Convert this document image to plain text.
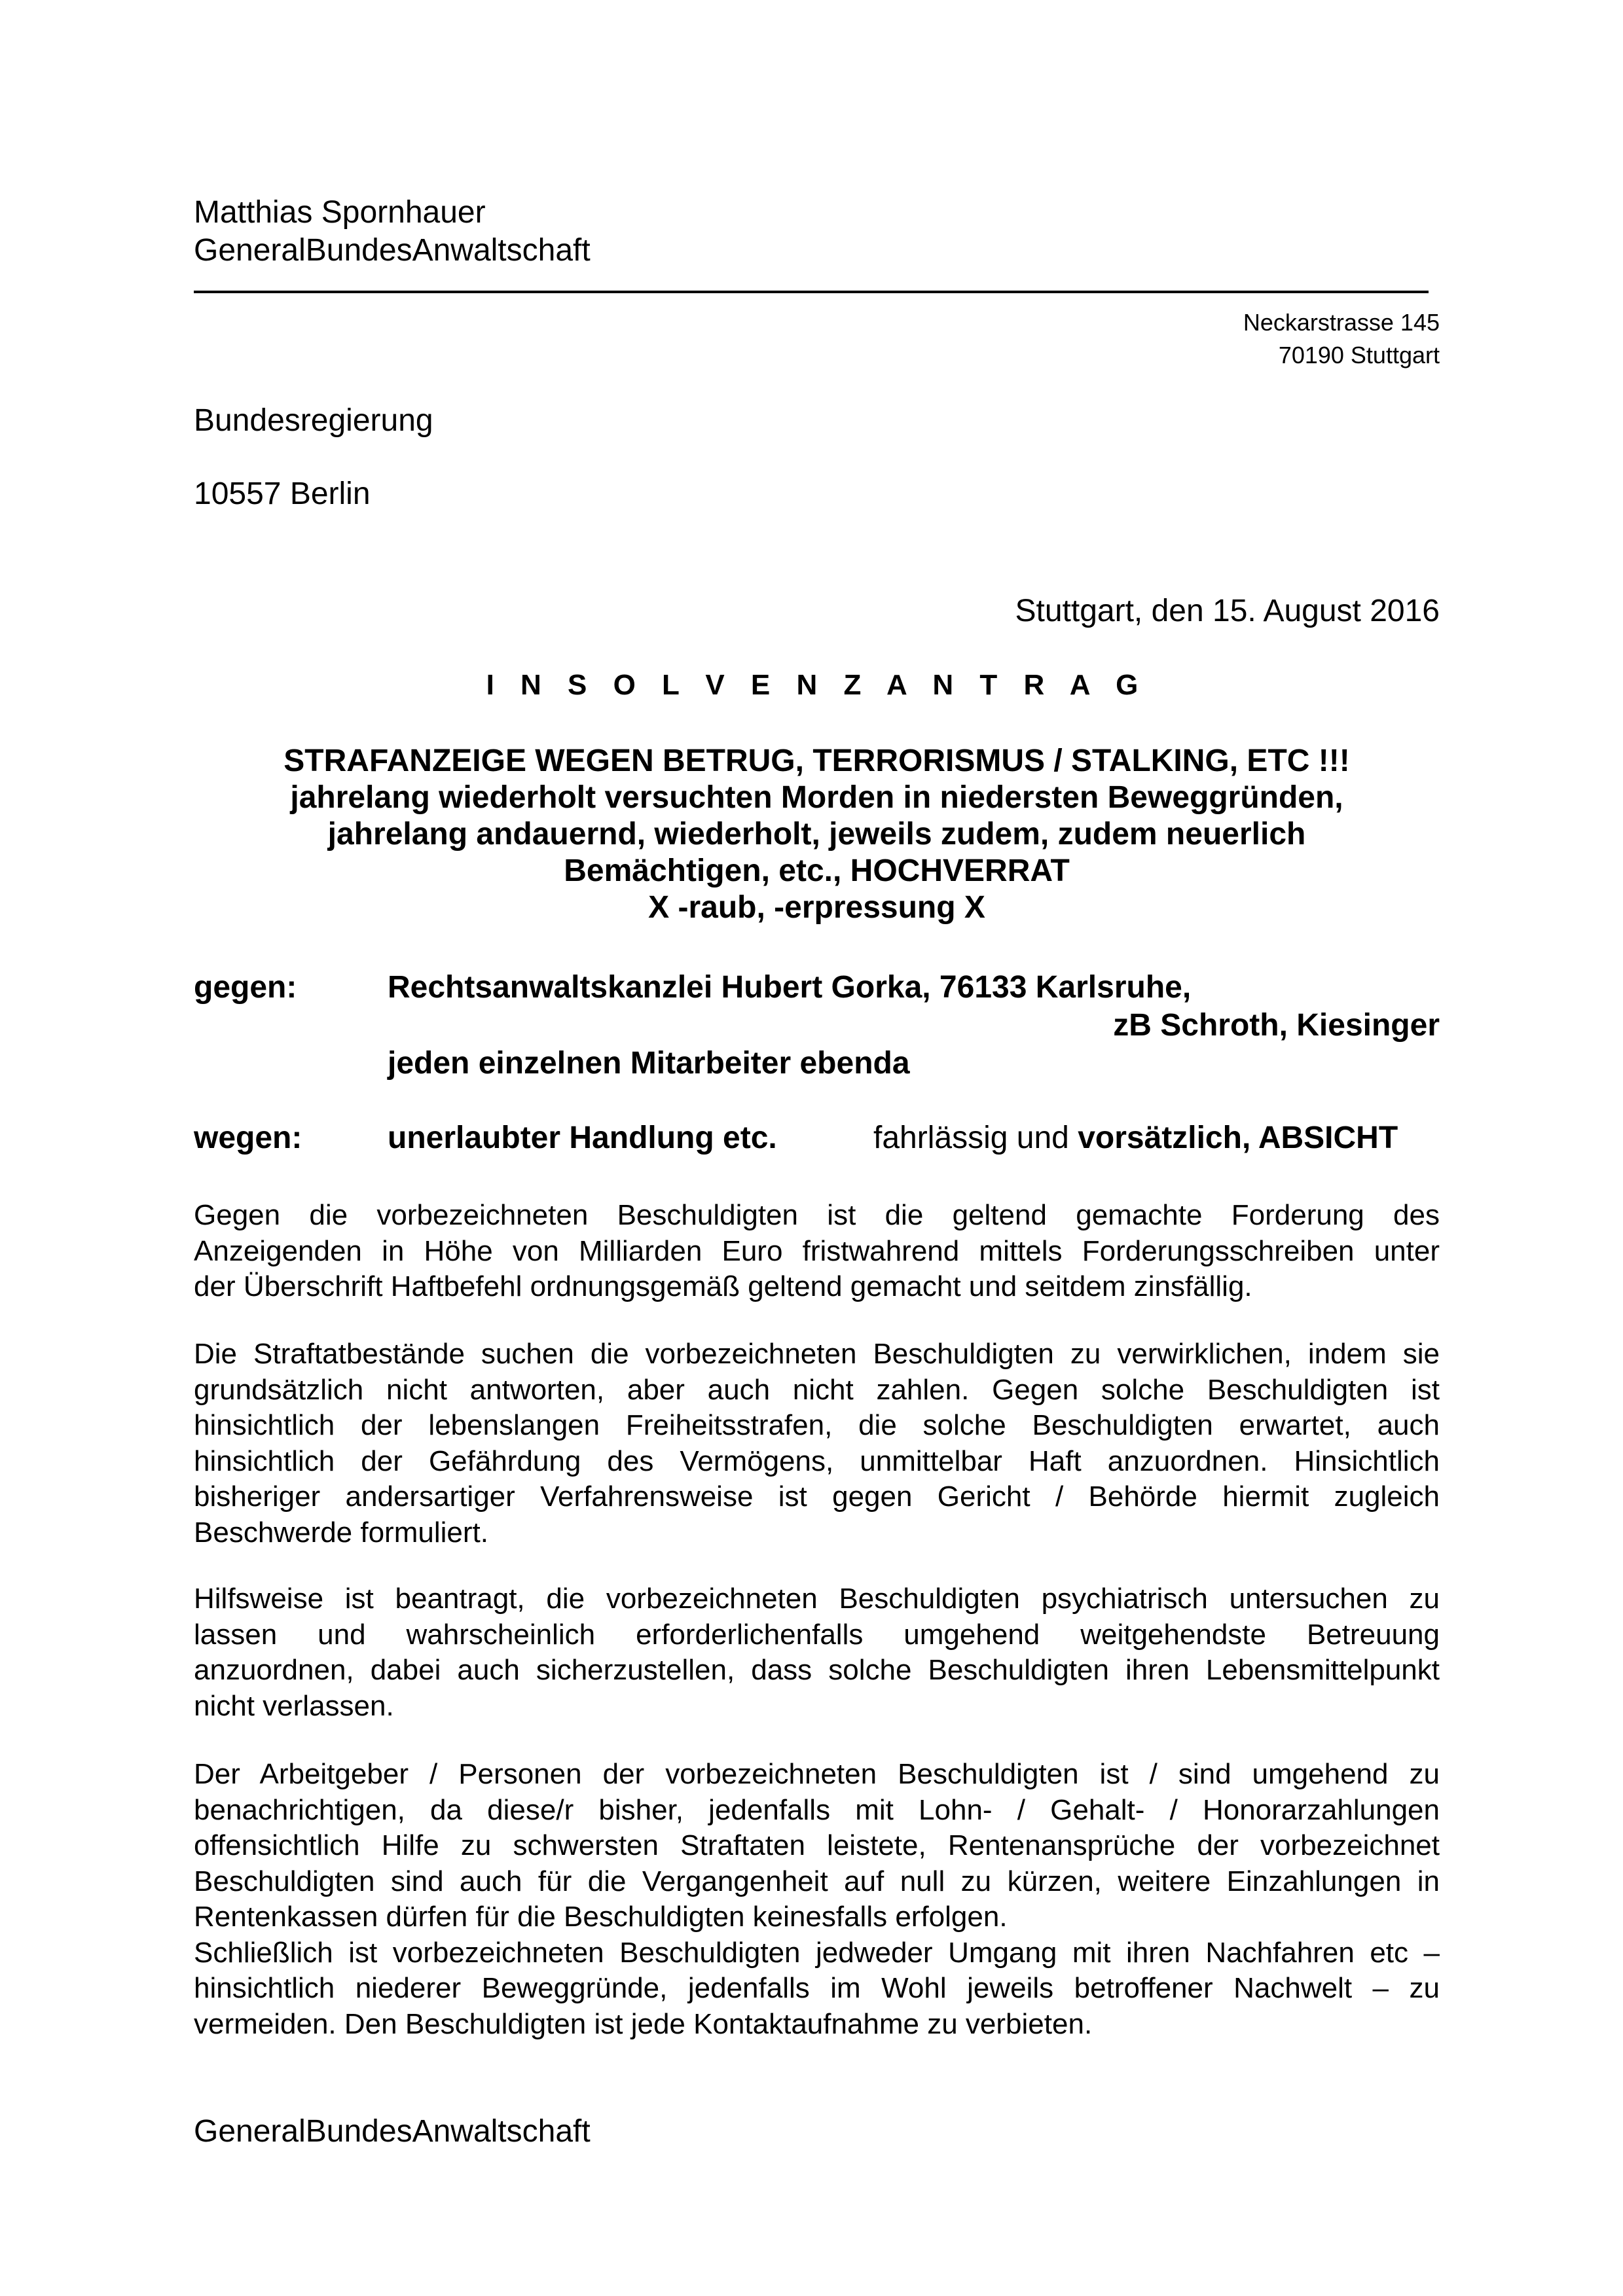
Matthias Spornhauer
GeneralBundesAnwaltschaft
Neckarstrasse 145
70190 Stuttgart
Bundesregierung
10557 Berlin
Stuttgart, den 15. August 2016
I N S O L V E N Z A N T R A G
STRAFANZEIGE WEGEN BETRUG, TERRORISMUS / STALKING, ETC !!!
jahrelang wiederholt versuchten Morden in niedersten Beweggründen,
jahrelang andauernd, wiederholt, jeweils zudem, zudem neuerlich
Bemächtigen, etc., HOCHVERRAT
X -raub, -erpressung X
gegen:	Rechtsanwaltskanzlei Hubert Gorka, 76133 Karlsruhe,
zB Schroth, Kiesinger
jeden einzelnen Mitarbeiter ebenda
wegen:	unerlaubter Handlung etc.	fahrlässig und vorsätzlich, ABSICHT
Gegen die vorbezeichneten Beschuldigten ist die geltend gemachte Forderung des
Anzeigenden in Höhe von Milliarden Euro fristwahrend mittels Forderungsschreiben unter
der Überschrift Haftbefehl ordnungsgemäß geltend gemacht und seitdem zinsfällig.
Die Straftatbestände suchen die vorbezeichneten Beschuldigten zu verwirklichen, indem sie
grundsätzlich nicht antworten, aber auch nicht zahlen. Gegen solche Beschuldigten ist
hinsichtlich der lebenslangen Freiheitsstrafen, die solche Beschuldigten erwartet, auch
hinsichtlich der Gefährdung des Vermögens, unmittelbar Haft anzuordnen. Hinsichtlich
bisheriger andersartiger Verfahrensweise ist gegen Gericht / Behörde hiermit zugleich
Beschwerde formuliert.
Hilfsweise ist beantragt, die vorbezeichneten Beschuldigten psychiatrisch untersuchen zu
lassen und wahrscheinlich erforderlichenfalls umgehend weitgehendste Betreuung
anzuordnen, dabei auch sicherzustellen, dass solche Beschuldigten ihren Lebensmittelpunkt
nicht verlassen.
Der Arbeitgeber / Personen der vorbezeichneten Beschuldigten ist / sind umgehend zu
benachrichtigen, da diese/r bisher, jedenfalls mit Lohn- / Gehalt- / Honorarzahlungen
offensichtlich Hilfe zu schwersten Straftaten leistete, Rentenansprüche der vorbezeichnet
Beschuldigten sind auch für die Vergangenheit auf null zu kürzen, weitere Einzahlungen in
Rentenkassen dürfen für die Beschuldigten keinesfalls erfolgen.
Schließlich ist vorbezeichneten Beschuldigten jedweder Umgang mit ihren Nachfahren etc –
hinsichtlich niederer Beweggründe, jedenfalls im Wohl jeweils betroffener Nachwelt – zu
vermeiden. Den Beschuldigten ist jede Kontaktaufnahme zu verbieten.
GeneralBundesAnwaltschaft
